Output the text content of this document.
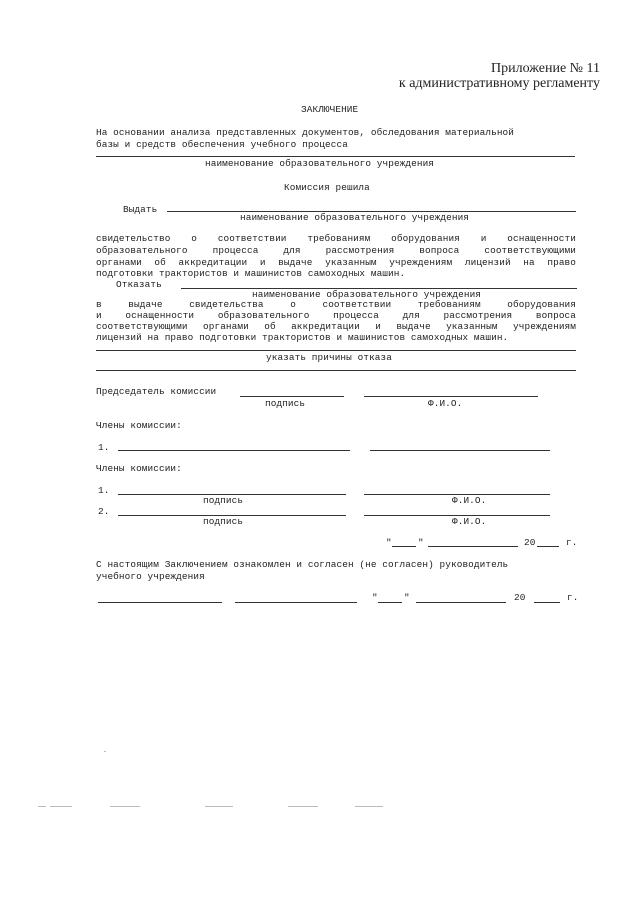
Приложение № 11
к административному регламенту
ЗАКЛЮЧЕНИЕ
На основании анализа представленных документов, обследования материальной
базы и средств обеспечения учебного процесса
наименование образовательного учреждения
Комиссия решила
Выдать
наименование образовательного учреждения
свидетельство о соответствии требованиям оборудования и оснащенности
образовательного процесса для рассмотрения вопроса соответствующими
органами об аккредитации и выдаче указанным учреждениям лицензий на право
подготовки трактористов и машинистов самоходных машин.
Отказать
наименование образовательного учреждения
в выдаче свидетельства о соответствии требованиям оборудования
и оснащенности образовательного процесса для рассмотрения вопроса
соответствующими органами об аккредитации и выдаче указанным учреждениям
лицензий на право подготовки трактористов и машинистов самоходных машин.
указать причины отказа
Председатель комиссии
подпись	Ф.И.О.
Члены комиссии:
1.
Члены комиссии:
1.
подпись	Ф.И.О.
2.
подпись	Ф.И.О.
"	"	20	г.
С настоящим Заключением ознакомлен и согласен (не согласен) руководитель
учебного учреждения
"	"	20	г.
